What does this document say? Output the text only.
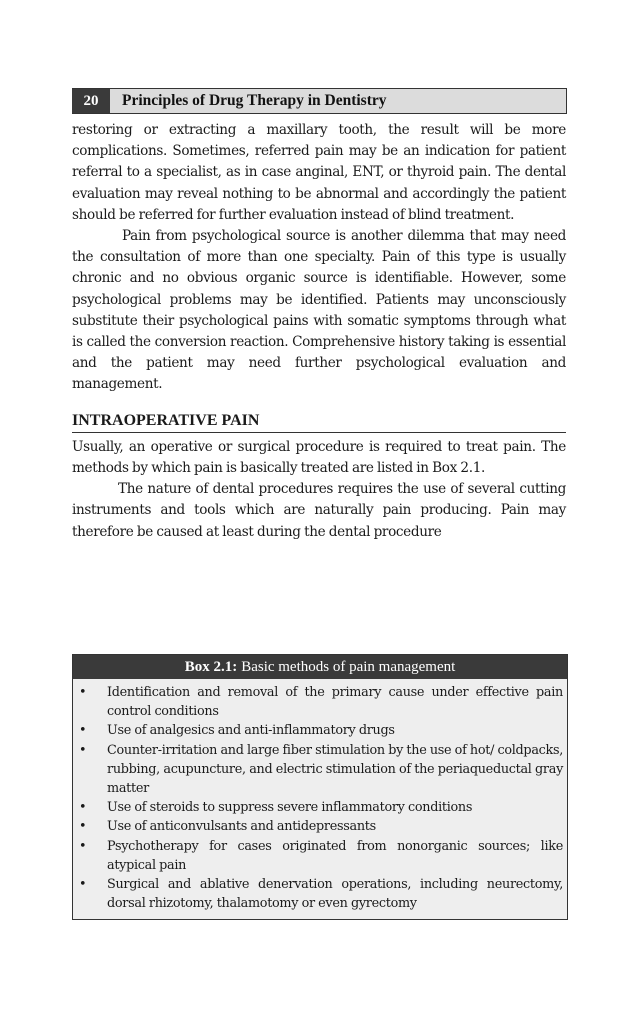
20	Principles of Drug Therapy in Dentistry

restoring or extracting a maxillary tooth, the result will be more complications. Sometimes, referred pain may be an indication for patient referral to a specialist, as in case anginal, ENT, or thyroid pain. The dental evaluation may reveal nothing to be abnormal and accordingly the patient should be referred for further evaluation instead of blind treatment.

Pain from psychological source is another dilemma that may need the consultation of more than one specialty. Pain of this type is usually chronic and no obvious organic source is identifiable. However, some psychological problems may be identified. Patients may unconsciously substitute their psychological pains with somatic symptoms through what is called the conversion reaction. Comprehensive history taking is essential and the patient may need further psychological evaluation and management.

INTRAOPERATIVE PAIN

Usually, an operative or surgical procedure is required to treat pain. The methods by which pain is basically treated are listed in Box 2.1.

The nature of dental procedures requires the use of several cutting instruments and tools which are naturally pain producing. Pain may therefore be caused at least during the dental procedure

Box 2.1: Basic methods of pain management
• Identification and removal of the primary cause under effective pain control conditions
• Use of analgesics and anti-inflammatory drugs
• Counter-irritation and large fiber stimulation by the use of hot/ coldpacks, rubbing, acupuncture, and electric stimulation of the periaqueductal gray matter
• Use of steroids to suppress severe inflammatory conditions
• Use of anticonvulsants and antidepressants
• Psychotherapy for cases originated from nonorganic sources; like atypical pain
• Surgical and ablative denervation operations, including neurectomy, dorsal rhizotomy, thalamotomy or even gyrectomy
